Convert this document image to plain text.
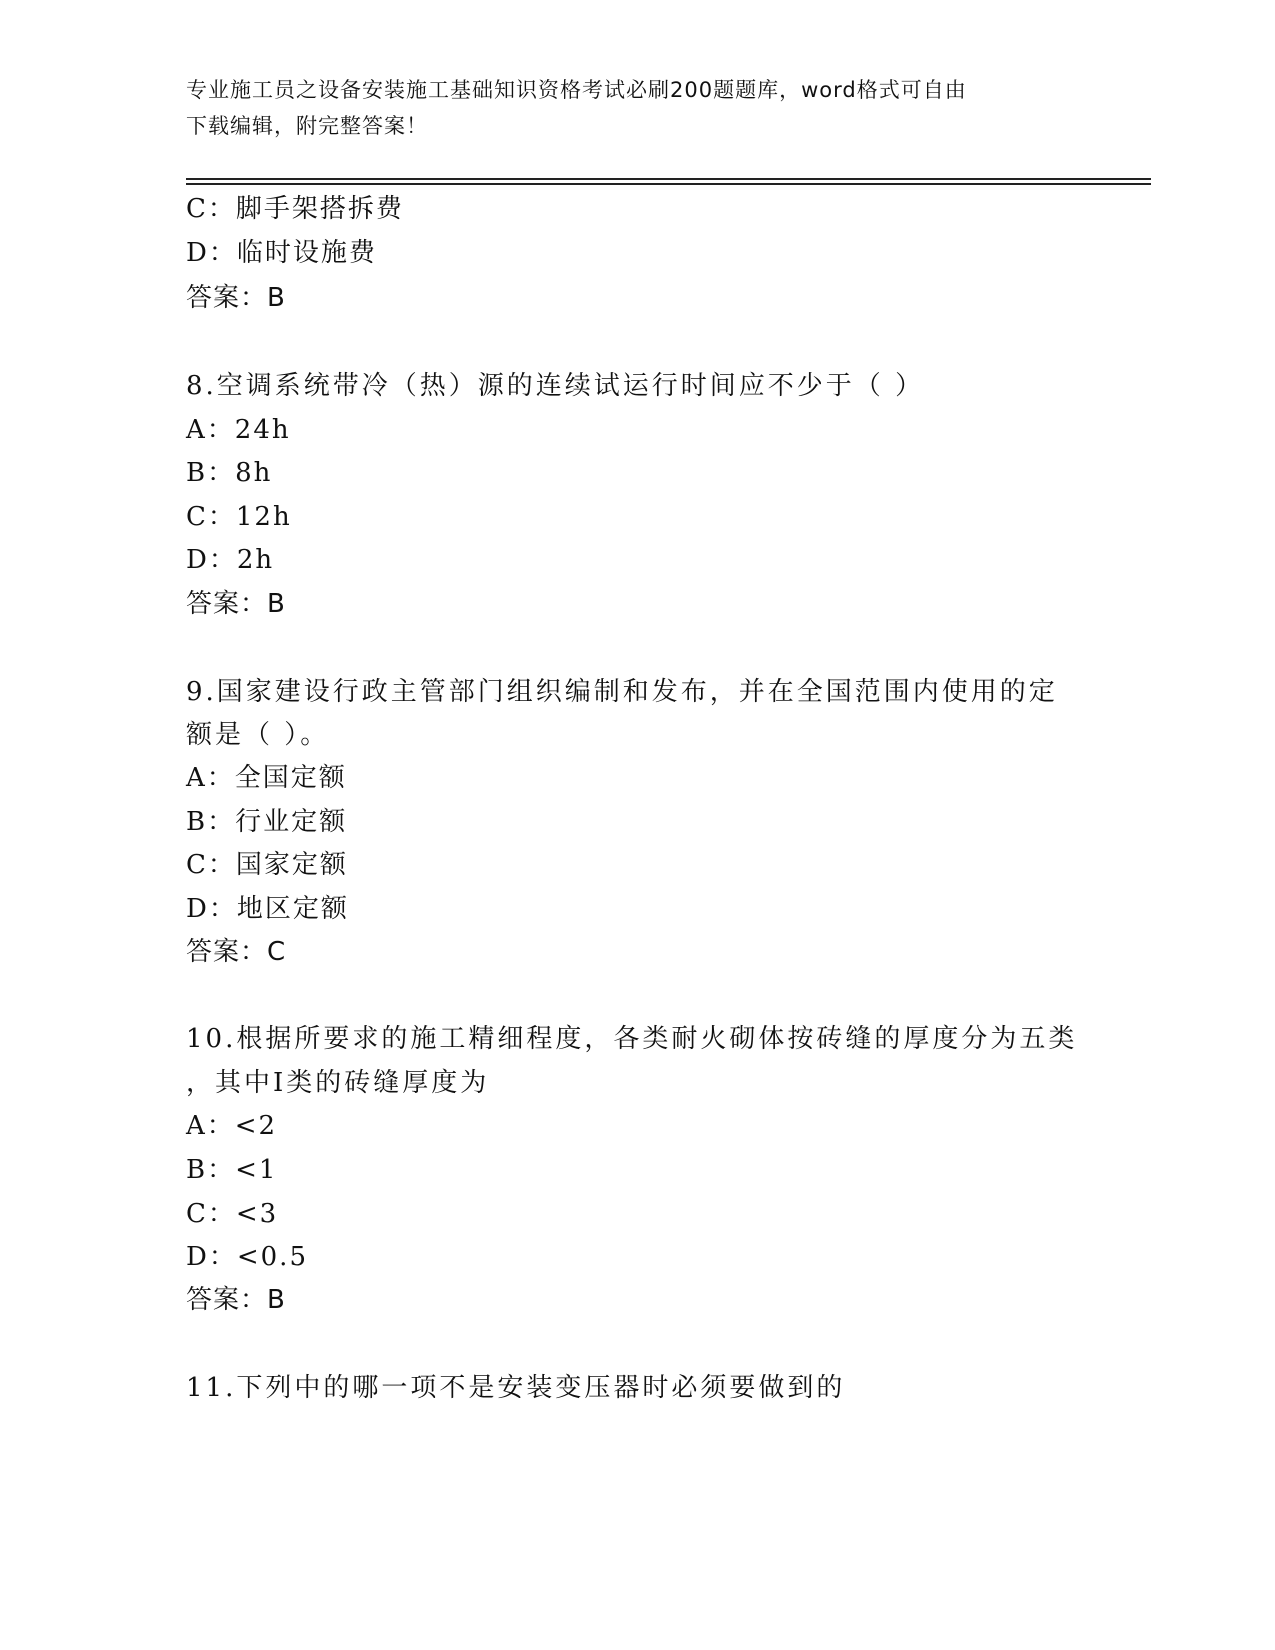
专业施工员之设备安装施工基础知识资格考试必刷200题题库，word格式可自由
下载编辑，附完整答案！
C：脚手架搭拆费
D：临时设施费
答案：B
8.空调系统带冷（热）源的连续试运行时间应不少于（ ）
A：24h
B：8h
C：12h
D：2h
答案：B
9.国家建设行政主管部门组织编制和发布，并在全国范围内使用的定
额是（ ）。
A：全国定额
B：行业定额
C：国家定额
D：地区定额
答案：C
10.根据所要求的施工精细程度，各类耐火砌体按砖缝的厚度分为五类
，其中Ⅰ类的砖缝厚度为
A：<2
B：<1
C：<3
D：<0.5
答案：B
11.下列中的哪一项不是安装变压器时必须要做到的
